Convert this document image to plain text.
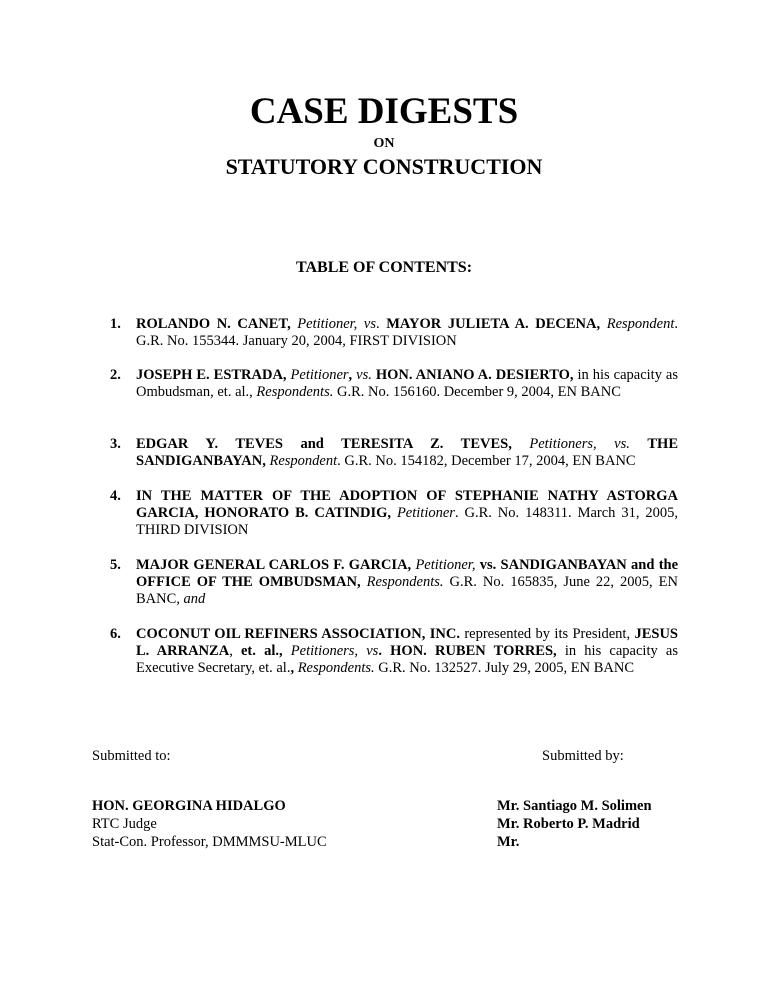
CASE DIGESTS
ON
STATUTORY CONSTRUCTION
TABLE OF CONTENTS:
1.	ROLANDO N. CANET, Petitioner, vs. MAYOR JULIETA A. DECENA, Respondent. G.R. No. 155344. January 20, 2004, FIRST DIVISION
2.	JOSEPH E. ESTRADA, Petitioner, vs. HON. ANIANO A. DESIERTO, in his capacity as Ombudsman, et. al., Respondents. G.R. No. 156160. December 9, 2004, EN BANC
3.	EDGAR Y. TEVES and TERESITA Z. TEVES, Petitioners, vs. THE SANDIGANBAYAN, Respondent. G.R. No. 154182, December 17, 2004, EN BANC
4.	IN THE MATTER OF THE ADOPTION OF STEPHANIE NATHY ASTORGA GARCIA, HONORATO B. CATINDIG, Petitioner. G.R. No. 148311. March 31, 2005, THIRD DIVISION
5.	MAJOR GENERAL CARLOS F. GARCIA, Petitioner, vs. SANDIGANBAYAN and the OFFICE OF THE OMBUDSMAN, Respondents. G.R. No. 165835, June 22, 2005, EN BANC, and
6.	COCONUT OIL REFINERS ASSOCIATION, INC. represented by its President, JESUS L. ARRANZA, et. al., Petitioners, vs. HON. RUBEN TORRES, in his capacity as Executive Secretary, et. al., Respondents. G.R. No. 132527. July 29, 2005, EN BANC
Submitted to:	Submitted by:
HON. GEORGINA HIDALGO
RTC Judge
Stat-Con. Professor, DMMMSU-MLUC
Mr. Santiago M. Solimen
Mr. Roberto P. Madrid
Mr.
